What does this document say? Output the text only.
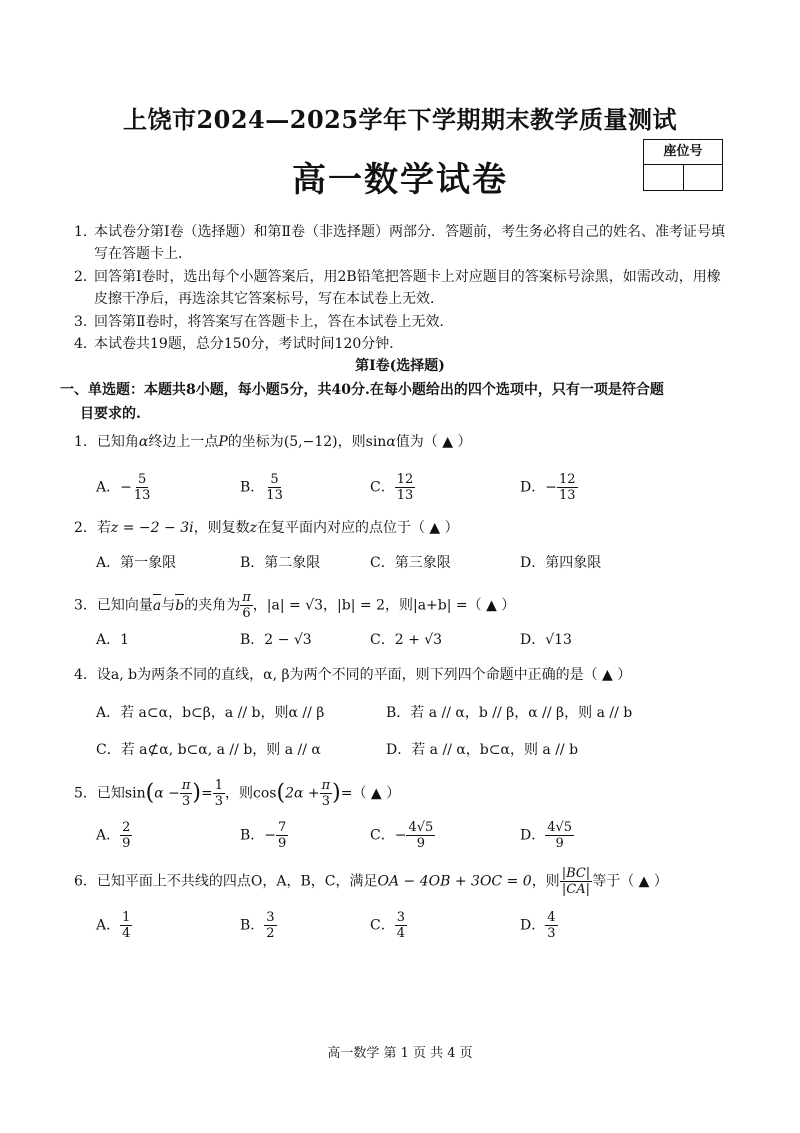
上饶市2024—2025学年下学期期末教学质量测试
高一数学试卷
座位号
1．
本试卷分第Ⅰ卷（选择题）和第Ⅱ卷（非选择题）两部分．答题前，考生务必将自己的姓名、准考证号填写在答题卡上．
2．
回答第Ⅰ卷时，选出每个小题答案后，用2B铅笔把答题卡上对应题目的答案标号涂黑，如需改动，用橡皮擦干净后，再选涂其它答案标号，写在本试卷上无效．
3．
回答第Ⅱ卷时，将答案写在答题卡上，答在本试卷上无效．
4．
本试卷共19题，总分150分，考试时间120分钟．
第Ⅰ卷(选择题)
一、单选题：本题共8小题，每小题5分，共40分.在每小题给出的四个选项中，只有一项是符合题
目要求的.
1．已知角α终边上一点P的坐标为(5,−12)，则sinα值为（ ▲ ）
A．− $\frac{5}{13}$	B． $\frac{5}{13}$	C． $\frac{12}{13}$	D．− $\frac{12}{13}$
2．若z = −2 − 3i，则复数z在复平面内对应的点位于（ ▲ ）
A．第一象限	B．第二象限	C．第三象限	D．第四象限
3．已知向量a与b的夹角为 $\frac{\pi}{6}$ ，|a| = √3，|b| = 2，则|a+b| =（ ▲ ）
A．1	B．2 − √3	C．2 + √3	D．√13
4．设a, b为两条不同的直线，α, β为两个不同的平面，则下列四个命题中正确的是（ ▲ ）
A．若 a⊂α，b⊂β，a // b，则α // β	B．若 a // α，b // β，α // β，则 a // b
C．若 a⊄α, b⊂α, a // b，则 a // α	D．若 a // α，b⊂α，则 a // b
5．已知$\sin(\alpha - \frac{\pi}{3}$ )= $\frac{1}{3}$ ，则$\cos(2\alpha + \frac{\pi}{3}$ )=（ ▲ ）
A． $\frac{2}{9}$	B．− $\frac{7}{9}$	C．− $\frac{4√5}{9}$	D． $\frac{4√5}{9}$
6．已知平面上不共线的四点O，A，B，C，满足OA − 4OB + 3OC = 0，则 $\frac{|BC|}{|CA|}$ 等于（ ▲ ）
A． $\frac{1}{4}$	B． $\frac{3}{2}$	C． $\frac{3}{4}$	D． $\frac{4}{3}$
高一数学 第 1 页 共 4 页
